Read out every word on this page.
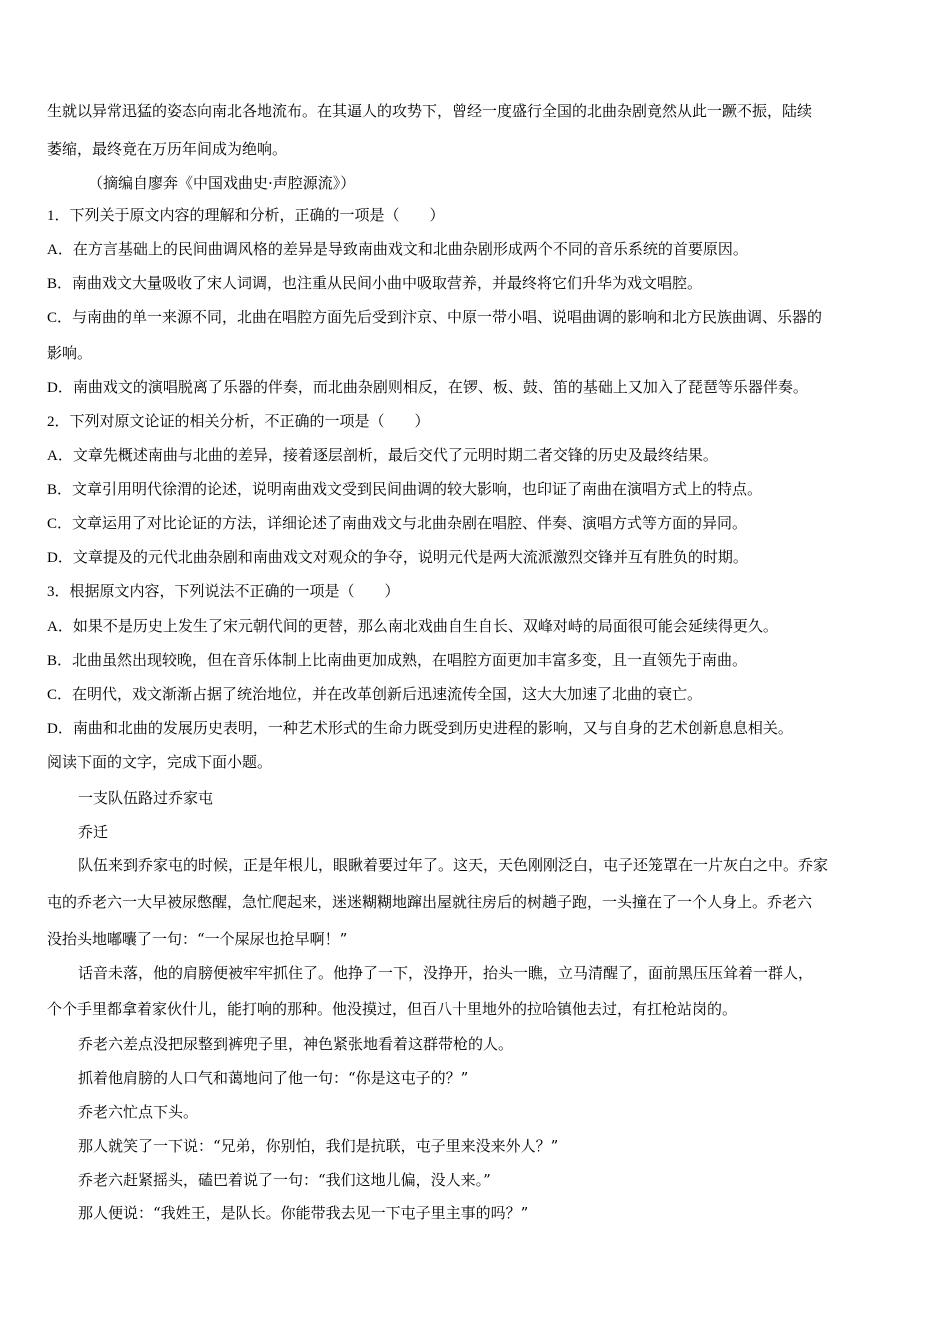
生就以异常迅猛的姿态向南北各地流布。在其逼人的攻势下，曾经一度盛行全国的北曲杂剧竟然从此一蹶不振，陆续
萎缩，最终竟在万历年间成为绝响。
（摘编自廖奔《中国戏曲史·声腔源流》）
1．下列关于原文内容的理解和分析，正确的一项是（　　）
A．在方言基础上的民间曲调风格的差异是导致南曲戏文和北曲杂剧形成两个不同的音乐系统的首要原因。
B．南曲戏文大量吸收了宋人词调，也注重从民间小曲中吸取营养，并最终将它们升华为戏文唱腔。
C．与南曲的单一来源不同，北曲在唱腔方面先后受到汴京、中原一带小唱、说唱曲调的影响和北方民族曲调、乐器的
影响。
D．南曲戏文的演唱脱离了乐器的伴奏，而北曲杂剧则相反，在锣、板、鼓、笛的基础上又加入了琵琶等乐器伴奏。
2．下列对原文论证的相关分析，不正确的一项是（　　）
A．文章先概述南曲与北曲的差异，接着逐层剖析，最后交代了元明时期二者交锋的历史及最终结果。
B．文章引用明代徐渭的论述，说明南曲戏文受到民间曲调的较大影响，也印证了南曲在演唱方式上的特点。
C．文章运用了对比论证的方法，详细论述了南曲戏文与北曲杂剧在唱腔、伴奏、演唱方式等方面的异同。
D．文章提及的元代北曲杂剧和南曲戏文对观众的争夺，说明元代是两大流派激烈交锋并互有胜负的时期。
3．根据原文内容，下列说法不正确的一项是（　　）
A．如果不是历史上发生了宋元朝代间的更替，那么南北戏曲自生自长、双峰对峙的局面很可能会延续得更久。
B．北曲虽然出现较晚，但在音乐体制上比南曲更加成熟，在唱腔方面更加丰富多变，且一直领先于南曲。
C．在明代，戏文渐渐占据了统治地位，并在改革创新后迅速流传全国，这大大加速了北曲的衰亡。
D．南曲和北曲的发展历史表明，一种艺术形式的生命力既受到历史进程的影响，又与自身的艺术创新息息相关。
阅读下面的文字，完成下面小题。
一支队伍路过乔家屯
乔迁
队伍来到乔家屯的时候，正是年根儿，眼瞅着要过年了。这天，天色刚刚泛白，屯子还笼罩在一片灰白之中。乔家
屯的乔老六一大早被尿憋醒，急忙爬起来，迷迷糊糊地蹿出屋就往房后的树趟子跑，一头撞在了一个人身上。乔老六
没抬头地嘟囔了一句：“一个屎尿也抢早啊！”
话音未落，他的肩膀便被牢牢抓住了。他挣了一下，没挣开，抬头一瞧，立马清醒了，面前黑压压耸着一群人，
个个手里都拿着家伙什儿，能打响的那种。他没摸过，但百八十里地外的拉哈镇他去过，有扛枪站岗的。
乔老六差点没把尿整到裤兜子里，神色紧张地看着这群带枪的人。
抓着他肩膀的人口气和蔼地问了他一句：“你是这屯子的？”
乔老六忙点下头。
那人就笑了一下说：“兄弟，你别怕，我们是抗联，屯子里来没来外人？”
乔老六赶紧摇头，磕巴着说了一句：“我们这地儿偏，没人来。”
那人便说：“我姓王，是队长。你能带我去见一下屯子里主事的吗？”
